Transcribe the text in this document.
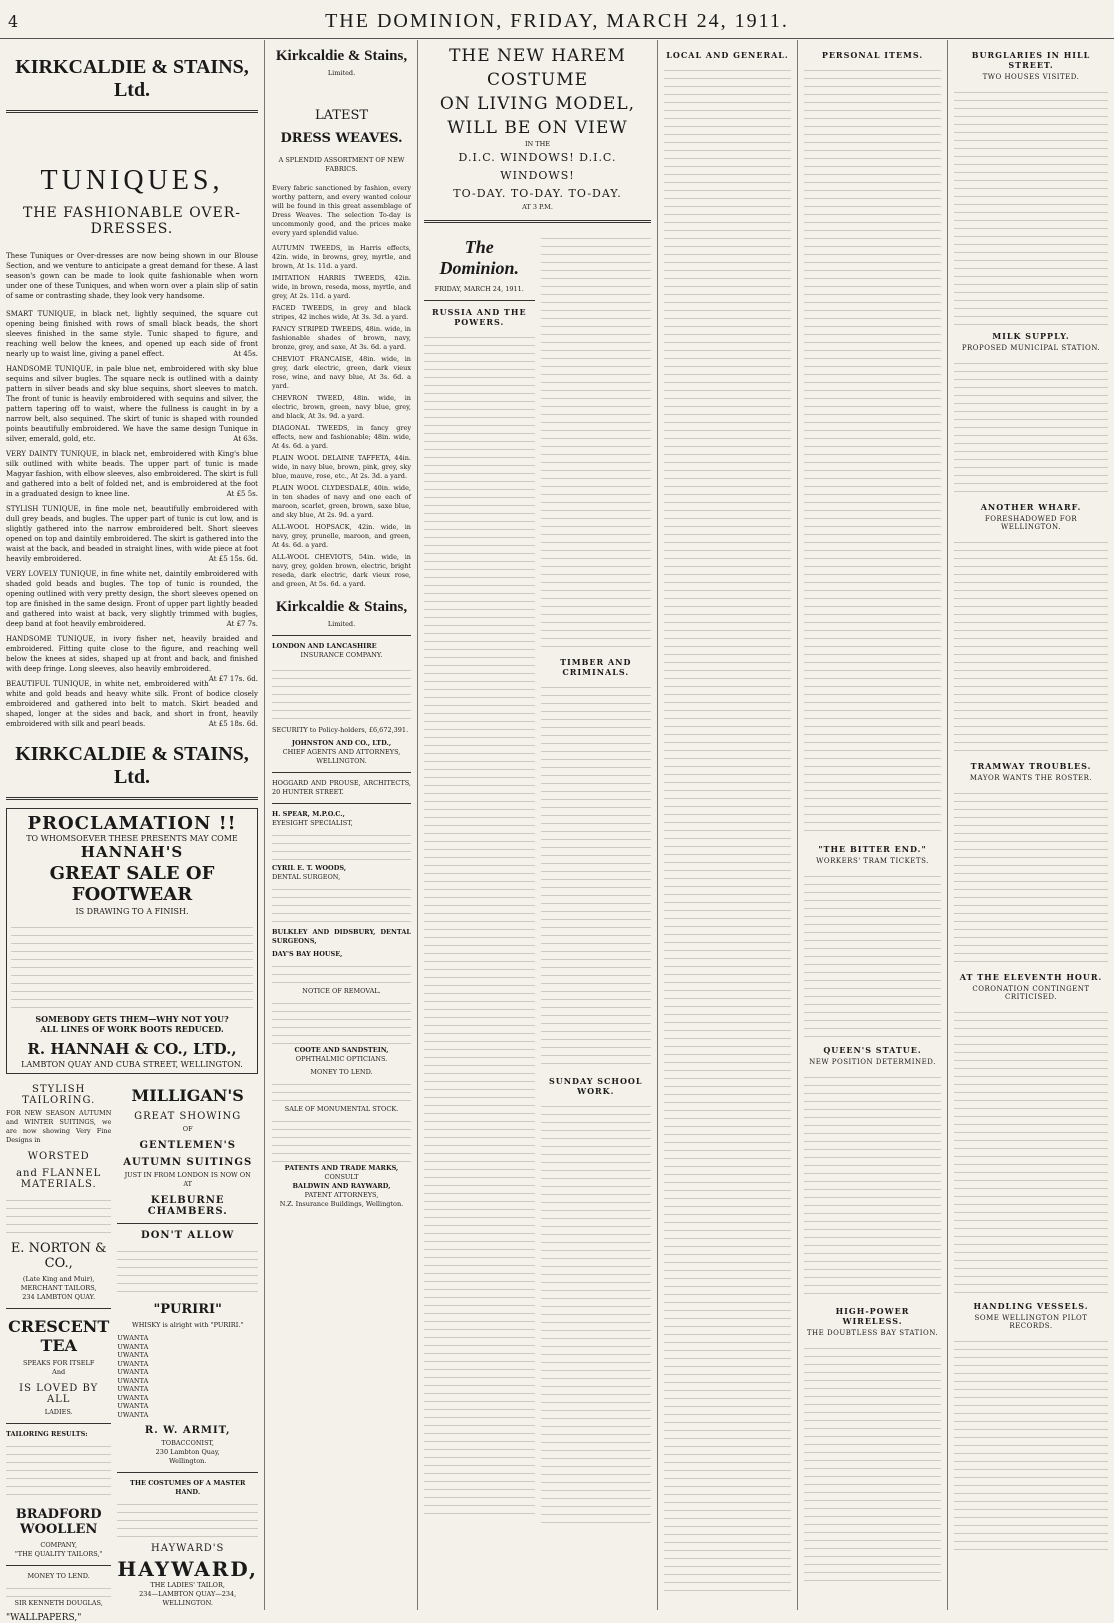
4	THE DOMINION, FRIDAY, MARCH 24, 1911.
KIRKCALDIE & STAINS, Ltd.
TUNIQUES,
THE FASHIONABLE OVER-DRESSES.
These Tuniques or Over-dresses are now being shown in our Blouse Section, and we venture to anticipate a great demand for these. A last season's gown can be made to look quite fashionable when worn under one of these Tuniques, and when worn over a plain slip of satin of same or contrasting shade, they look very handsome.
SMART TUNIQUE, in black net, lightly sequined, the square cut opening being finished with rows of small black beads, the short sleeves finished in the same style. Tunic shaped to figure, and reaching well below the knees, and opened up each side of front nearly up to waist line, giving a panel effect.	At 45s.
HANDSOME TUNIQUE, in pale blue net, embroidered with sky blue sequins and silver bugles. The square neck is outlined with a dainty pattern in silver beads and sky blue sequins, short sleeves to match. The front of tunic is heavily embroidered with sequins and silver, the pattern tapering off to waist, where the fullness is caught in by a narrow belt, also sequined. The skirt of tunic is shaped with rounded points beautifully embroidered. We have the same design Tunique in silver, emerald, gold, etc.	At 63s.
VERY DAINTY TUNIQUE, in black net, embroidered with King's blue silk outlined with white beads. The upper part of tunic is made Magyar fashion, with elbow sleeves, also embroidered. The skirt is full and gathered into a belt of folded net, and is embroidered at the foot in a graduated design to knee line.	At £5 5s.
STYLISH TUNIQUE, in fine mole net, beautifully embroidered with dull grey beads, and bugles. The upper part of tunic is cut low, and is slightly gathered into the narrow embroidered belt. Short sleeves opened on top and daintily embroidered. The skirt is gathered into the waist at the back, and beaded in straight lines, with wide piece at foot heavily embroidered.	At £5 15s. 6d.
VERY LOVELY TUNIQUE, in fine white net, daintily embroidered with shaded gold beads and bugles. The top of tunic is rounded, the opening outlined with very pretty design, the short sleeves opened on top are finished in the same design. Front of upper part lightly beaded and gathered into waist at back, very slightly trimmed with bugles, deep band at foot heavily embroidered.	At £7 7s.
HANDSOME TUNIQUE, in ivory fisher net, heavily braided and embroidered. Fitting quite close to the figure, and reaching well below the knees at sides, shaped up at front and back, and finished with deep fringe. Long sleeves, also heavily embroidered.
At £7 17s. 6d.
BEAUTIFUL TUNIQUE, in white net, embroidered with white and gold beads and heavy white silk. Front of bodice closely embroidered and gathered into belt to match. Skirt beaded and shaped, longer at the sides and back, and short in front, heavily embroidered with silk and pearl beads.	At £5 18s. 6d.
KIRKCALDIE & STAINS, Ltd.
PROCLAMATION !!
TO WHOMSOEVER THESE PRESENTS MAY COME
HANNAH'S
GREAT SALE OF FOOTWEAR
IS DRAWING TO A FINISH.
SOMEBODY GETS THEM—WHY NOT YOU?
ALL LINES OF WORK BOOTS REDUCED.
R. HANNAH & CO., LTD.,
LAMBTON QUAY AND CUBA STREET, WELLINGTON.
STYLISH TAILORING.
FOR NEW SEASON AUTUMN and WINTER SUITINGS, we are now showing Very Fine Designs in
WORSTED
and FLANNEL MATERIALS.
E. NORTON & CO.,
(Late King and Muir), MERCHANT TAILORS,
234 LAMBTON QUAY.
CRESCENT TEA
SPEAKS FOR ITSELF
And
IS LOVED BY ALL
LADIES.
TAILORING RESULTS:
BRADFORD WOOLLEN
COMPANY,
"THE QUALITY TAILORS,"
MONEY TO LEND.
SIR KENNETH DOUGLAS,
"WALLPAPERS,"
MILLIGAN'S
GREAT SHOWING
OF
GENTLEMEN'S
AUTUMN SUITINGS
JUST IN FROM LONDON IS NOW ON
AT
KELBURNE CHAMBERS.
DON'T ALLOW
"PURIRI"
WHISKY is alright with "PURIRI."
UWANTA
UWANTA
UWANTA
UWANTA
UWANTA
UWANTA
UWANTA
UWANTA
UWANTA
UWANTA
R. W. ARMIT,
TOBACCONIST,
230 Lambton Quay,
Wellington.
THE COSTUMES OF A MASTER HAND.
HAYWARD'S
HAYWARD,
THE LADIES' TAILOR,
234—LAMBTON QUAY—234,
WELLINGTON.
Kirkcaldie & Stains,
Limited.
LATEST
DRESS WEAVES.
A SPLENDID ASSORTMENT OF NEW FABRICS.
Every fabric sanctioned by fashion, every worthy pattern, and every wanted colour will be found in this great assemblage of Dress Weaves. The selection To-day is uncommonly good, and the prices make every yard splendid value.
AUTUMN TWEEDS, in Harris effects, 42in. wide, in browns, grey, myrtle, and brown, At 1s. 11d. a yard.
IMITATION HARRIS TWEEDS, 42in. wide, in brown, reseda, moss, myrtle, and grey, At 2s. 11d. a yard.
FACED TWEEDS, in grey and black stripes, 42 inches wide, At 3s. 3d. a yard.
FANCY STRIPED TWEEDS, 48in. wide, in fashionable shades of brown, navy, bronze, grey, and saxe, At 3s. 6d. a yard.
CHEVIOT FRANCAISE, 48in. wide, in grey, dark electric, green, dark vieux rose, wine, and navy blue, At 3s. 6d. a yard.
CHEVRON TWEED, 48in. wide, in electric, brown, green, navy blue, grey, and black, At 3s. 9d. a yard.
DIAGONAL TWEEDS, in fancy grey effects, new and fashionable; 48in. wide, At 4s. 6d. a yard.
PLAIN WOOL DELAINE TAFFETA, 44in. wide, in navy blue, brown, pink, grey, sky blue, mauve, rose, etc., At 2s. 3d. a yard.
PLAIN WOOL CLYDESDALE, 40in. wide, in ten shades of navy and one each of maroon, scarlet, green, brown, saxe blue, and sky blue, At 2s. 9d. a yard.
ALL-WOOL HOPSACK, 42in. wide, in navy, grey, prunelle, maroon, and green, At 4s. 6d. a yard.
ALL-WOOL CHEVIOTS, 54in. wide, in navy, grey, golden brown, electric, bright reseda, dark electric, dark vieux rose, and green, At 5s. 6d. a yard.
Kirkcaldie & Stains,
Limited.
LONDON AND LANCASHIRE
INSURANCE COMPANY.
SECURITY to Policy-holders, £6,672,391.
JOHNSTON AND CO., LTD.,
CHIEF AGENTS AND ATTORNEYS, WELLINGTON.
HOGGARD AND PROUSE, ARCHITECTS, 20 HUNTER STREET.
H. SPEAR, M.P.O.C.,
EYESIGHT SPECIALIST,
CYRIL E. T. WOODS,
DENTAL SURGEON,
BULKLEY AND DIDSBURY, DENTAL SURGEONS,
DAY'S BAY HOUSE,
NOTICE OF REMOVAL.
COOTE AND SANDSTEIN,
OPHTHALMIC OPTICIANS.
MONEY TO LEND.
SALE OF MONUMENTAL STOCK.
PATENTS AND TRADE MARKS,
CONSULT
BALDWIN AND RAYWARD,
PATENT ATTORNEYS,
N.Z. Insurance Buildings, Wellington.
THE NEW HAREM COSTUME
ON LIVING MODEL,
WILL BE ON VIEW
IN THE
D.I.C. WINDOWS! D.I.C. WINDOWS!
TO-DAY. TO-DAY. TO-DAY.
AT 3 P.M.
The Dominion.
FRIDAY, MARCH 24, 1911.
RUSSIA AND THE POWERS.
TIMBER AND CRIMINALS.
SUNDAY SCHOOL WORK.
LOCAL AND GENERAL.	PERSONAL ITEMS.
"THE BITTER END."
WORKERS' TRAM TICKETS.
QUEEN'S STATUE.
NEW POSITION DETERMINED.
HIGH-POWER WIRELESS.
THE DOUBTLESS BAY STATION.
BURGLARIES IN HILL STREET.
TWO HOUSES VISITED.
MILK SUPPLY.
PROPOSED MUNICIPAL STATION.
ANOTHER WHARF.
FORESHADOWED FOR WELLINGTON.
TRAMWAY TROUBLES.
MAYOR WANTS THE ROSTER.
AT THE ELEVENTH HOUR.
CORONATION CONTINGENT CRITICISED.
HANDLING VESSELS.
SOME WELLINGTON PILOT RECORDS.
